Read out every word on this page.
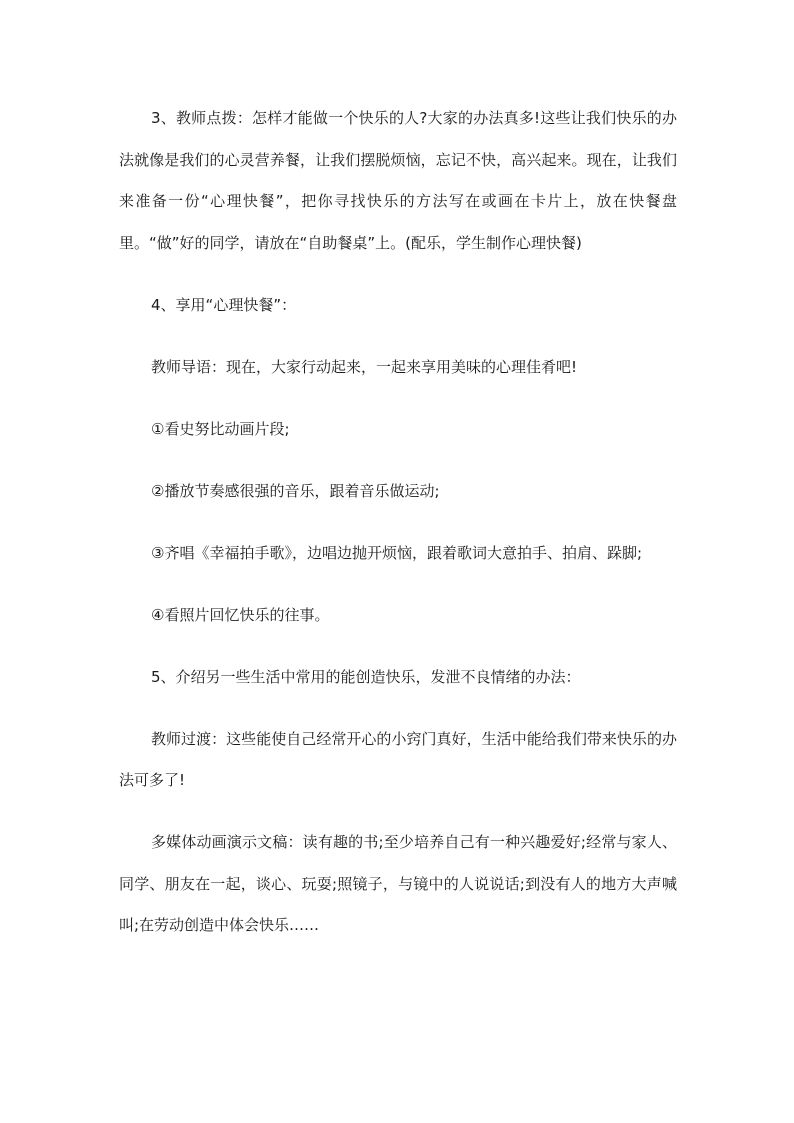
3、教师点拨：怎样才能做一个快乐的人?大家的办法真多!这些让我们快乐的办法就像是我们的心灵营养餐，让我们摆脱烦恼，忘记不快，高兴起来。现在，让我们来准备一份“心理快餐”，把你寻找快乐的方法写在或画在卡片上，放在快餐盘里。“做”好的同学，请放在“自助餐桌”上。(配乐，学生制作心理快餐)

4、享用“心理快餐”：

教师导语：现在，大家行动起来，一起来享用美味的心理佳肴吧!

①看史努比动画片段;

②播放节奏感很强的音乐，跟着音乐做运动;

③齐唱《幸福拍手歌》，边唱边抛开烦恼，跟着歌词大意拍手、拍肩、跺脚;

④看照片回忆快乐的往事。

5、介绍另一些生活中常用的能创造快乐，发泄不良情绪的办法：

教师过渡：这些能使自己经常开心的小窍门真好，生活中能给我们带来快乐的办法可多了!

多媒体动画演示文稿：读有趣的书;至少培养自己有一种兴趣爱好;经常与家人、同学、朋友在一起，谈心、玩耍;照镜子，与镜中的人说说话;到没有人的地方大声喊叫;在劳动创造中体会快乐……
